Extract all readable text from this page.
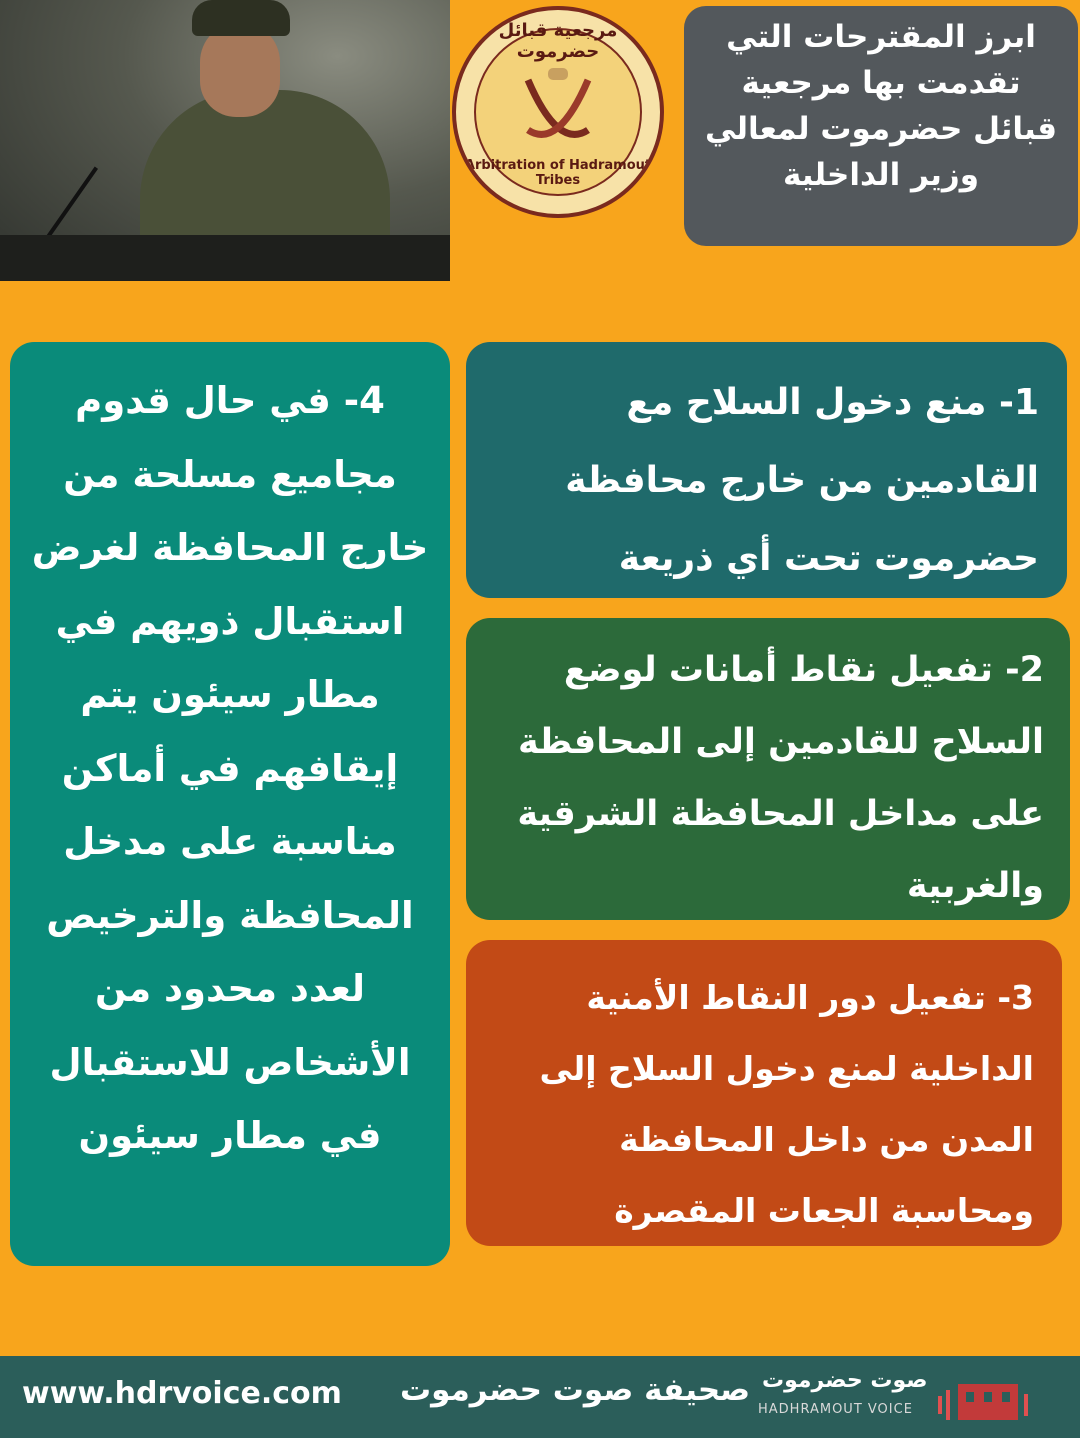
مرجعية قبائل حضرموت
Arbitration of Hadramout Tribes
ابرز المقترحات التي تقدمت بها مرجعية قبائل حضرموت لمعالي وزير الداخلية
1- منع دخول السلاح مع القادمين من خارج محافظة حضرموت تحت أي ذريعة
2- تفعيل نقاط أمانات لوضع السلاح للقادمين إلى المحافظة على مداخل المحافظة الشرقية والغربية
3- تفعيل دور النقاط الأمنية الداخلية لمنع دخول السلاح إلى المدن من داخل المحافظة ومحاسبة الجعات المقصرة
4- في حال قدوم مجاميع مسلحة من خارج المحافظة لغرض استقبال ذويهم في مطار سيئون يتم إيقافهم في أماكن مناسبة على مدخل المحافظة والترخيص لعدد محدود من الأشخاص للاستقبال في مطار سيئون
www.hdrvoice.com صحيفة صوت حضرموت صوت حضرموت
HADHRAMOUT VOICE
